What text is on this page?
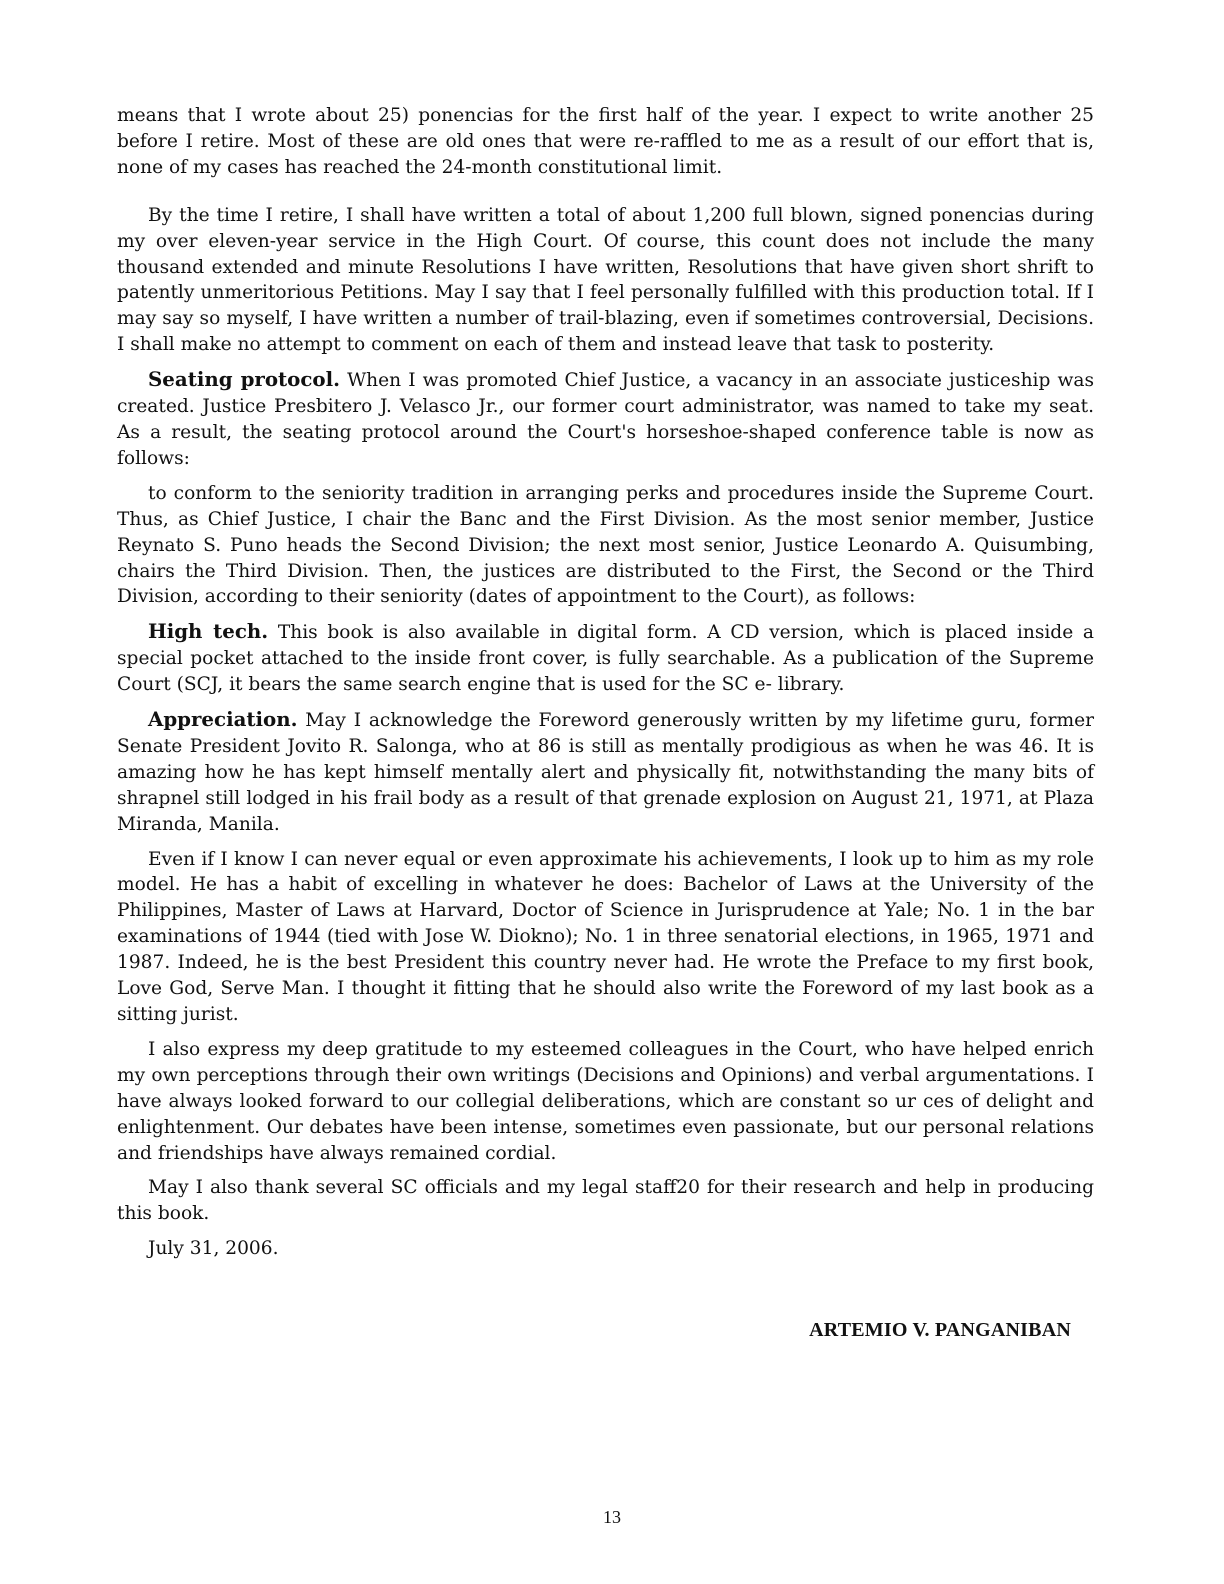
means that I wrote about 25) ponencias for the first half of the year. I expect to write another 25 before I retire. Most of these are old ones that were re-raffled to me as a result of our effort that is, none of my cases has reached the 24-month constitutional limit.

By the time I retire, I shall have written a total of about 1,200 full blown, signed ponencias during my over eleven-year service in the High Court. Of course, this count does not include the many thousand extended and minute Resolutions I have written, Resolutions that have given short shrift to patently unmeritorious Petitions. May I say that I feel personally fulfilled with this production total. If I may say so myself, I have written a number of trail-blazing, even if sometimes controversial, Decisions. I shall make no attempt to comment on each of them and instead leave that task to posterity.

Seating protocol. When I was promoted Chief Justice, a vacancy in an associate justiceship was created. Justice Presbitero J. Velasco Jr., our former court administrator, was named to take my seat. As a result, the seating protocol around the Court's horseshoe-shaped conference table is now as follows:

to conform to the seniority tradition in arranging perks and procedures inside the Supreme Court. Thus, as Chief Justice, I chair the Banc and the First Division. As the most senior member, Justice Reynato S. Puno heads the Second Division; the next most senior, Justice Leonardo A. Quisumbing, chairs the Third Division. Then, the justices are distributed to the First, the Second or the Third Division, according to their seniority (dates of appointment to the Court), as follows:

High tech. This book is also available in digital form. A CD version, which is placed inside a special pocket attached to the inside front cover, is fully searchable. As a publication of the Supreme Court (SCJ, it bears the same search engine that is used for the SC e- library.

Appreciation. May I acknowledge the Foreword generously written by my lifetime guru, former Senate President Jovito R. Salonga, who at 86 is still as mentally prodigious as when he was 46. It is amazing how he has kept himself mentally alert and physically fit, notwithstanding the many bits of shrapnel still lodged in his frail body as a result of that grenade explosion on August 21, 1971, at Plaza Miranda, Manila.

Even if I know I can never equal or even approximate his achievements, I look up to him as my role model. He has a habit of excelling in whatever he does: Bachelor of Laws at the University of the Philippines, Master of Laws at Harvard, Doctor of Science in Jurisprudence at Yale; No. 1 in the bar examinations of 1944 (tied with Jose W. Diokno); No. 1 in three senatorial elections, in 1965, 1971 and 1987. Indeed, he is the best President this country never had. He wrote the Preface to my first book, Love God, Serve Man. I thought it fitting that he should also write the Foreword of my last book as a sitting jurist.

I also express my deep gratitude to my esteemed colleagues in the Court, who have helped enrich my own perceptions through their own writings (Decisions and Opinions) and verbal argumentations. I have always looked forward to our collegial deliberations, which are constant so ur ces of delight and enlightenment. Our debates have been intense, sometimes even passionate, but our personal relations and friendships have always remained cordial.

May I also thank several SC officials and my legal staff20 for their research and help in producing this book.

July 31, 2006.

ARTEMIO V. PANGANIBAN

13
